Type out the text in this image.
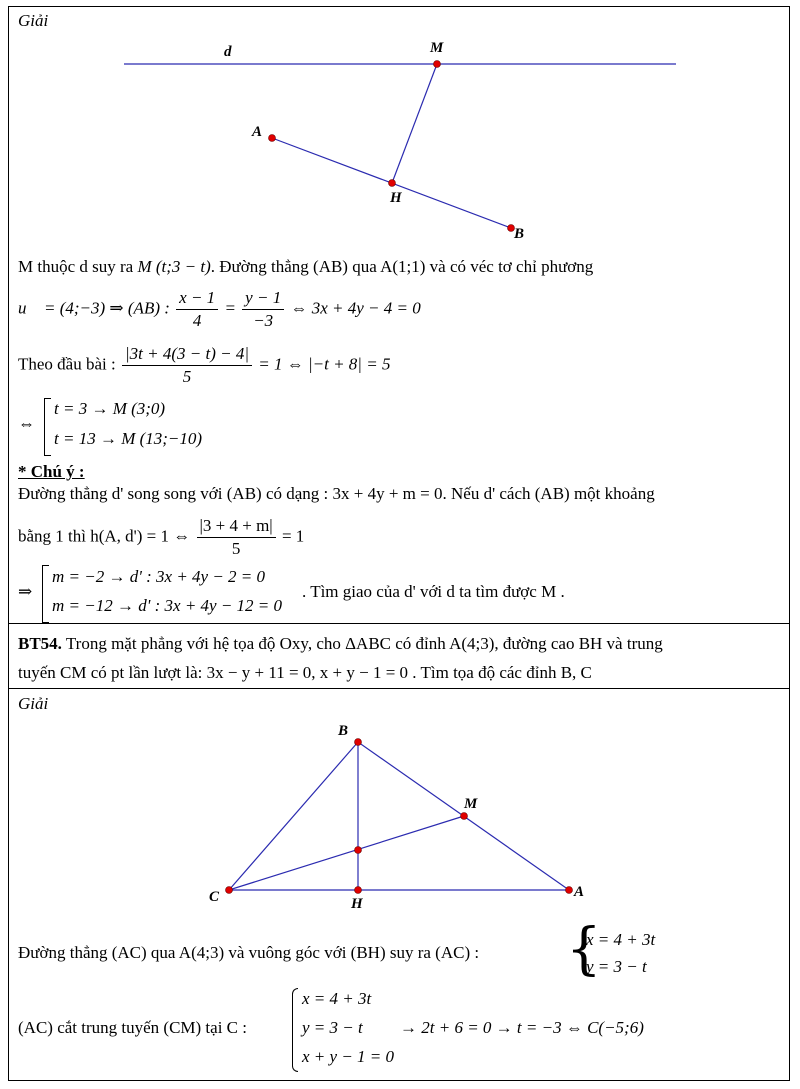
Giải
d	M
A
H
B
M thuộc d suy ra M (t;3 − t). Đường thẳng (AB) qua A(1;1) và có véc tơ chỉ phương
u⃗ = (4;−3) ⇒ (AB) : $\frac{x - 1}{4} = \frac{y - 1}{-3}$ ⇔ 3x + 4y − 4 = 0
Theo đầu bài : $\frac{|3t + 4(3 - t) - 4|}{5} = 1$ ⇔ |−t + 8| = 5
⇔
t = 3 → M (3;0)
t = 13 → M (13;−10)
* Chú ý :
Đường thẳng d' song song với (AB) có dạng : 3x + 4y + m = 0. Nếu d' cách (AB) một khoảng
bằng 1 thì h(A, d') = 1 ⇔ $\frac{|3 + 4 + m|}{5} = 1$
⇒
m = −2 → d' : 3x + 4y − 2 = 0
m = −12 → d' : 3x + 4y − 12 = 0
. Tìm giao của d' với d ta tìm được M .
BT54. Trong mặt phẳng với hệ tọa độ Oxy, cho ΔABC có đỉnh A(4;3), đường cao BH và trung
tuyến CM có pt lần lượt là: 3x − y + 11 = 0, x + y − 1 = 0 . Tìm tọa độ các đỉnh B, C
Giải
B
M
C	H
A
Đường thẳng (AC) qua A(4;3) và vuông góc với (BH) suy ra (AC) : {
x = 4 + 3t
y = 3 − t
(AC) cắt trung tuyến (CM) tại C :
x = 4 + 3t
y = 3 − t
x + y − 1 = 0
→ 2t + 6 = 0 → t = −3 ⇔ C(−5;6)
